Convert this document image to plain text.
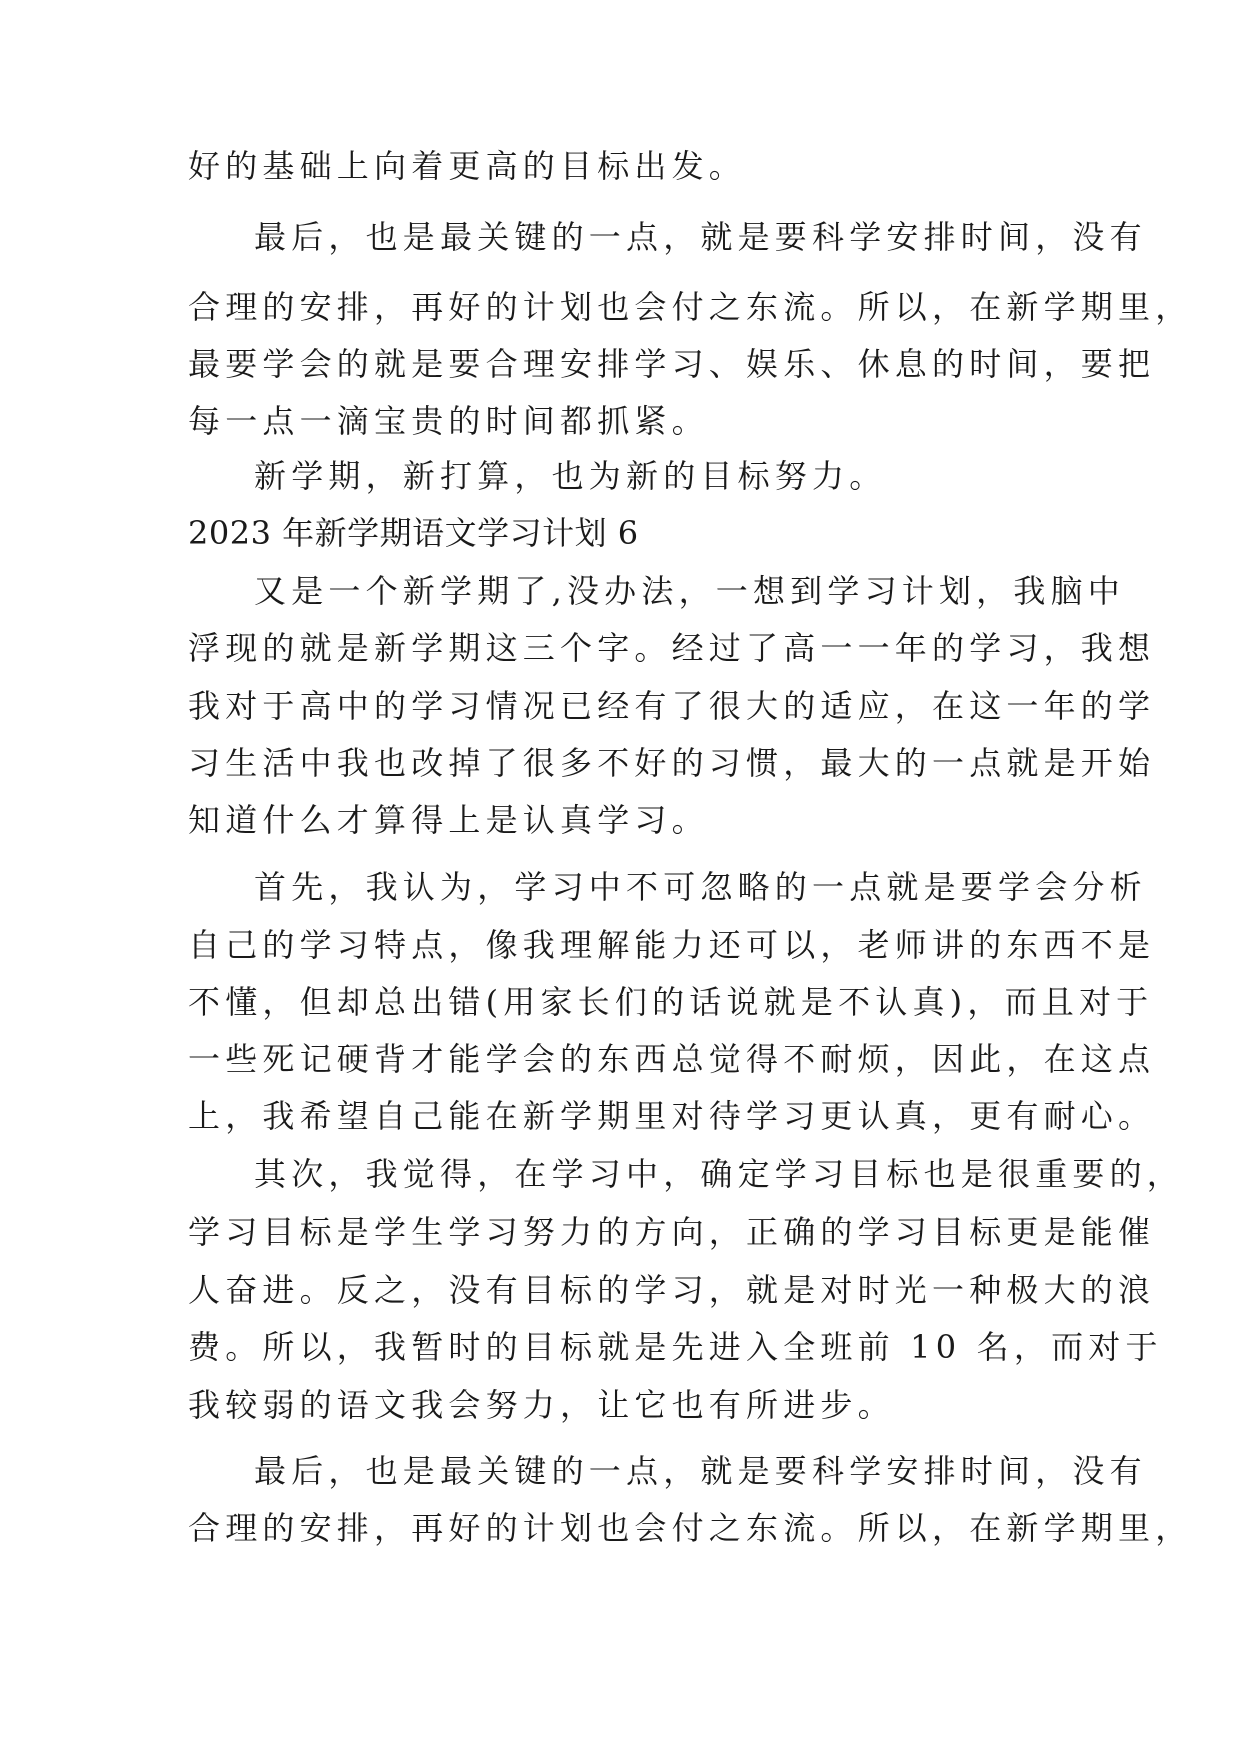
好的基础上向着更高的目标出发。
最后，也是最关键的一点，就是要科学安排时间，没有
合理的安排，再好的计划也会付之东流。所以，在新学期里，
最要学会的就是要合理安排学习、娱乐、休息的时间，要把
每一点一滴宝贵的时间都抓紧。
新学期，新打算，也为新的目标努力。
2023 年新学期语文学习计划 6
又是一个新学期了,没办法，一想到学习计划，我脑中
浮现的就是新学期这三个字。经过了高一一年的学习，我想
我对于高中的学习情况已经有了很大的适应，在这一年的学
习生活中我也改掉了很多不好的习惯，最大的一点就是开始
知道什么才算得上是认真学习。
首先，我认为，学习中不可忽略的一点就是要学会分析
自己的学习特点，像我理解能力还可以，老师讲的东西不是
不懂，但却总出错(用家长们的话说就是不认真)，而且对于
一些死记硬背才能学会的东西总觉得不耐烦，因此，在这点
上，我希望自己能在新学期里对待学习更认真，更有耐心。
其次，我觉得，在学习中，确定学习目标也是很重要的，
学习目标是学生学习努力的方向，正确的学习目标更是能催
人奋进。反之，没有目标的学习，就是对时光一种极大的浪
费。所以，我暂时的目标就是先进入全班前 10 名，而对于
我较弱的语文我会努力，让它也有所进步。
最后，也是最关键的一点，就是要科学安排时间，没有
合理的安排，再好的计划也会付之东流。所以，在新学期里，
